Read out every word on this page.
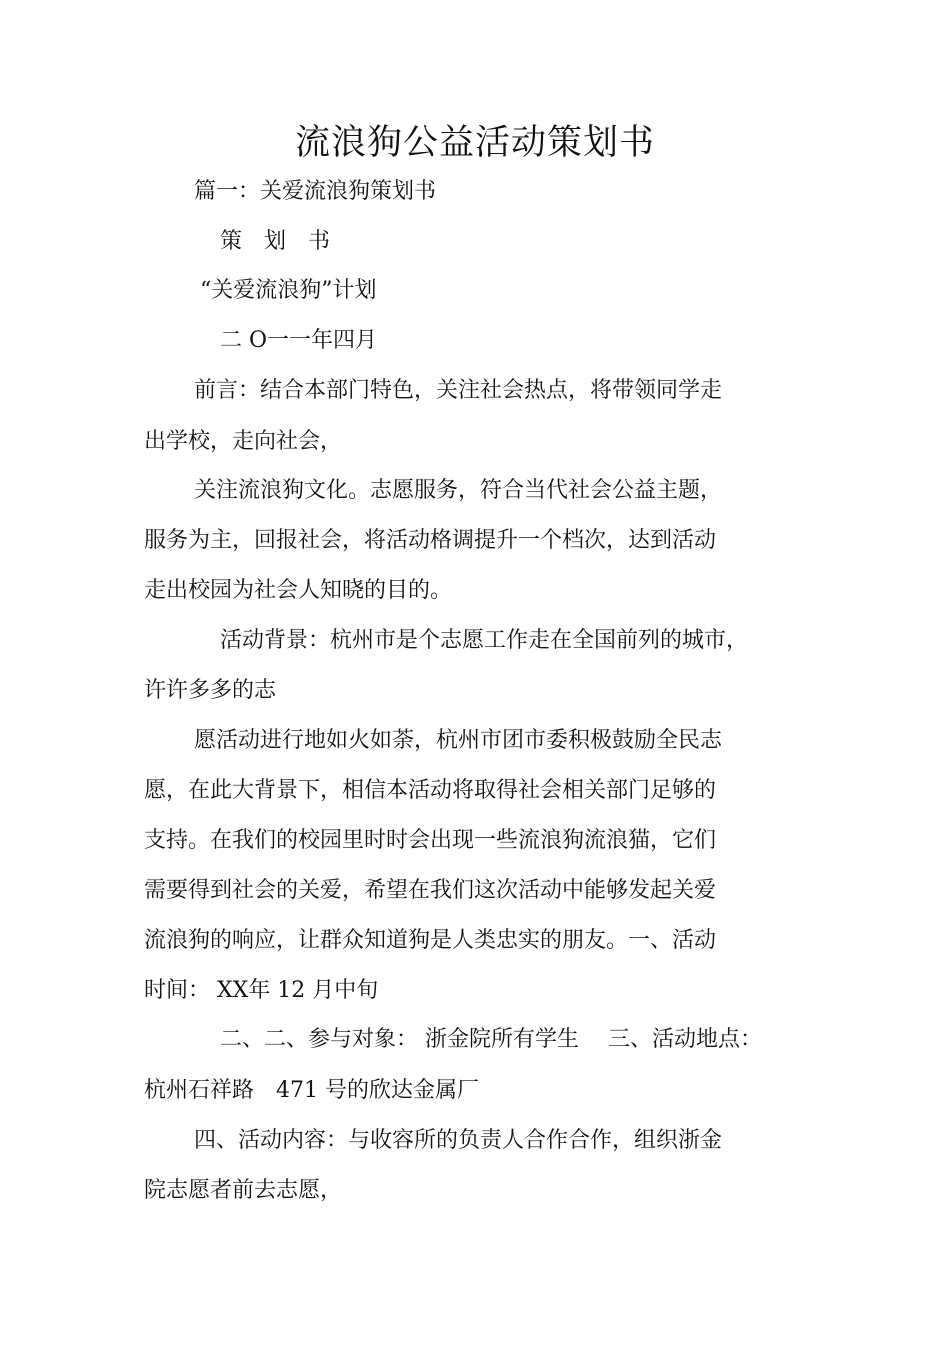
流浪狗公益活动策划书

篇一：关爱流浪狗策划书

策　划　书

“关爱流浪狗”计划

二 O一一年四月

前言：结合本部门特色，关注社会热点，将带领同学走

出学校，走向社会，

关注流浪狗文化。志愿服务，符合当代社会公益主题，

服务为主，回报社会，将活动格调提升一个档次，达到活动

走出校园为社会人知晓的目的。

活动背景：杭州市是个志愿工作走在全国前列的城市，

许许多多的志

愿活动进行地如火如荼，杭州市团市委积极鼓励全民志

愿，在此大背景下，相信本活动将取得社会相关部门足够的

支持。在我们的校园里时时会出现一些流浪狗流浪猫，它们

需要得到社会的关爱，希望在我们这次活动中能够发起关爱

流浪狗的响应，让群众知道狗是人类忠实的朋友。一、活动

时间： XX年 12 月中旬

二、二、参与对象： 浙金院所有学生　 三、活动地点：

杭州石祥路　471 号的欣达金属厂

四、活动内容：与收容所的负责人合作合作，组织浙金

院志愿者前去志愿，
